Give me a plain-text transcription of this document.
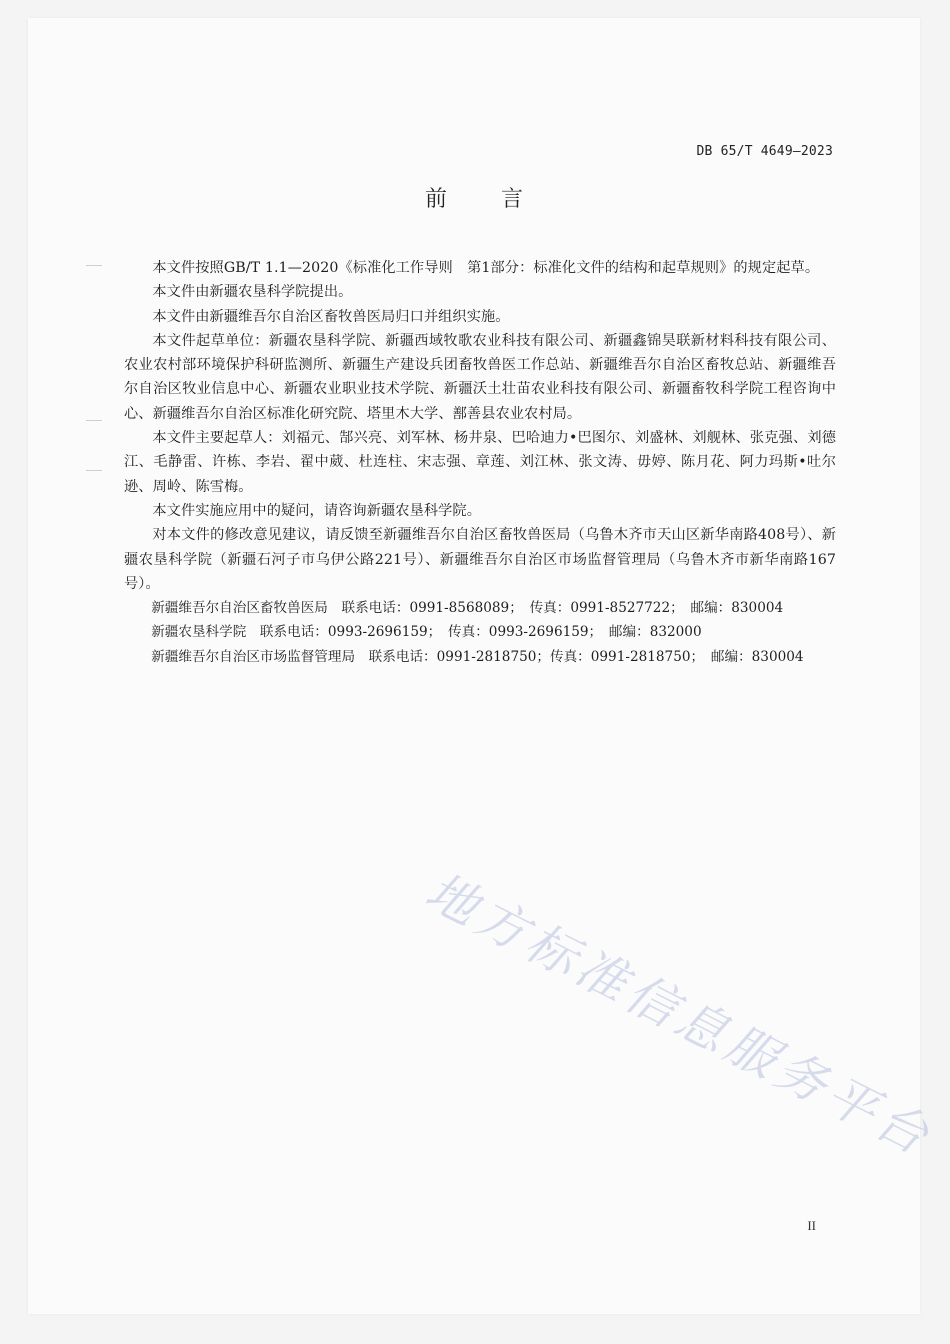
DB 65/T 4649—2023
前 言

本文件按照GB/T 1.1—2020《标准化工作导则　第1部分：标准化文件的结构和起草规则》的规定起草。

本文件由新疆农垦科学院提出。

本文件由新疆维吾尔自治区畜牧兽医局归口并组织实施。

本文件起草单位：新疆农垦科学院、新疆西域牧歌农业科技有限公司、新疆鑫锦昊联新材料科技有限公司、农业农村部环境保护科研监测所、新疆生产建设兵团畜牧兽医工作总站、新疆维吾尔自治区畜牧总站、新疆维吾尔自治区牧业信息中心、新疆农业职业技术学院、新疆沃土壮苗农业科技有限公司、新疆畜牧科学院工程咨询中心、新疆维吾尔自治区标准化研究院、塔里木大学、鄯善县农业农村局。

本文件主要起草人：刘福元、郜兴亮、刘军林、杨井泉、巴哈迪力•巴图尔、刘盛林、刘舰林、张克强、刘德江、毛静雷、许栋、李岩、翟中葳、杜连柱、宋志强、章莲、刘江林、张文涛、毋婷、陈月花、阿力玛斯•吐尔逊、周岭、陈雪梅。

本文件实施应用中的疑问，请咨询新疆农垦科学院。

对本文件的修改意见建议，请反馈至新疆维吾尔自治区畜牧兽医局（乌鲁木齐市天山区新华南路408号）、新疆农垦科学院（新疆石河子市乌伊公路221号）、新疆维吾尔自治区市场监督管理局（乌鲁木齐市新华南路167号）。

新疆维吾尔自治区畜牧兽医局　联系电话：0991-8568089；　传真：0991-8527722；　邮编：830004
新疆农垦科学院　联系电话：0993-2696159；　传真：0993-2696159；　邮编：832000
新疆维吾尔自治区市场监督管理局　联系电话：0991-2818750；传真：0991-2818750；　邮编：830004
地方标准信息服务平台
II
